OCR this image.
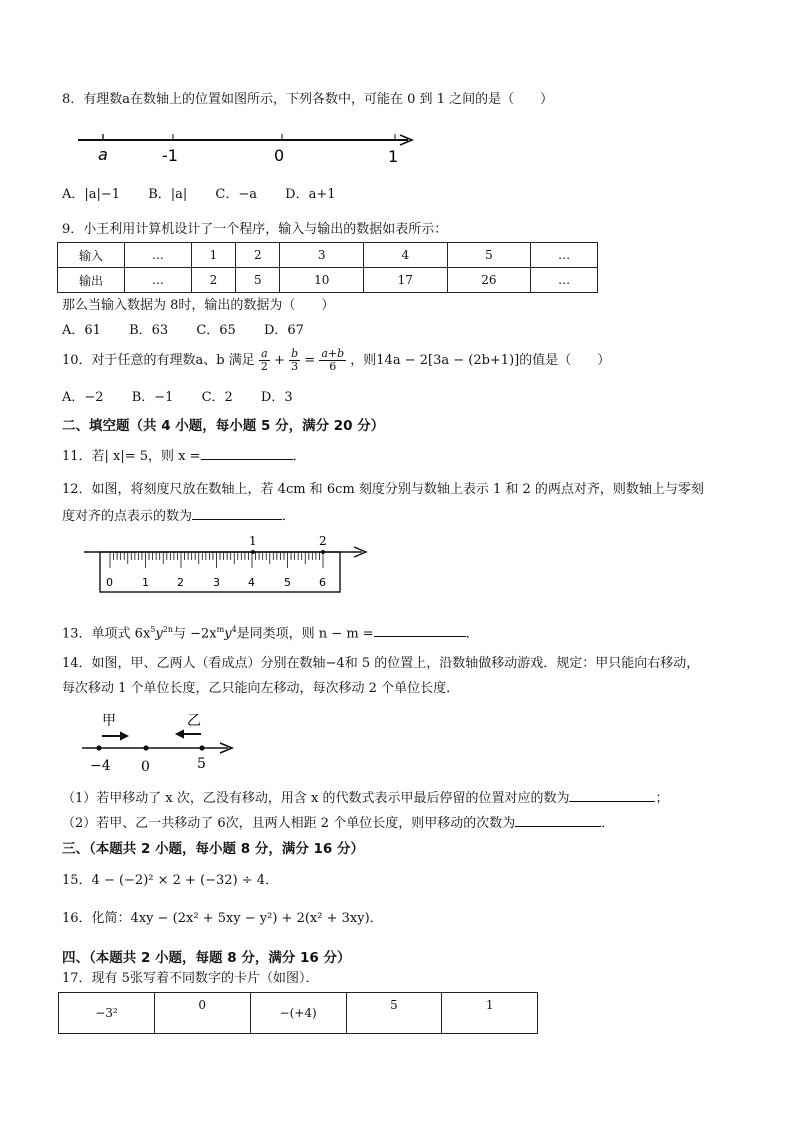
8．有理数a在数轴上的位置如图所示，下列各数中，可能在 0 到 1 之间的是（　　）
a	-1	0	1
A．|a|−1 B．|a| C．−a D．a+1
9．小王利用计算机设计了一个程序，输入与输出的数据如表所示：
输入	…	1	2	3	4	5	…
输出	…	2	5	10	17	26	…
那么当输入数据为 8时，输出的数据为（　　）
A．61 B．63 C．65 D．67
10．对于任意的有理数a、b 满足 $\frac{a}{2} + \frac{b}{3} = \frac{a+b}{6}$ ，则14a − 2[3a − (2b+1)]的值是（　　）
A．−2 B．−1 C．2 D．3
二、填空题（共 4 小题，每小题 5 分，满分 20 分）
11．若| x|= 5，则 x =	．
12．如图，将刻度尺放在数轴上，若 4cm 和 6cm 刻度分别与数轴上表示 1 和 2 的两点对齐，则数轴上与零刻
度对齐的点表示的数为	．
1	2
0	1	2	3	4	5	6
13．单项式 $6x^5y^{2n}$与 $-2x^my^4$是同类项，则 n − m =	．
14．如图，甲、乙两人（看成点）分别在数轴−4和 5 的位置上，沿数轴做移动游戏．规定：甲只能向右移动，
每次移动 1 个单位长度，乙只能向左移动，每次移动 2 个单位长度．
甲	乙
−4 0	5
（1）若甲移动了 x 次，乙没有移动，用含 x 的代数式表示甲最后停留的位置对应的数为	；
（2）若甲、乙一共移动了 6次，且两人相距 2 个单位长度，则甲移动的次数为	．
三、（本题共 2 小题，每小题 8 分，满分 16 分）
15．4 − (−2)² × 2 + (−32) ÷ 4．
16．化简：4xy − (2x² + 5xy − y²) + 2(x² + 3xy)．
四、（本题共 2 小题，每题 8 分，满分 16 分）
17．现有 5张写着不同数字的卡片（如图）．
−3²	0	−(+4)	5	1
